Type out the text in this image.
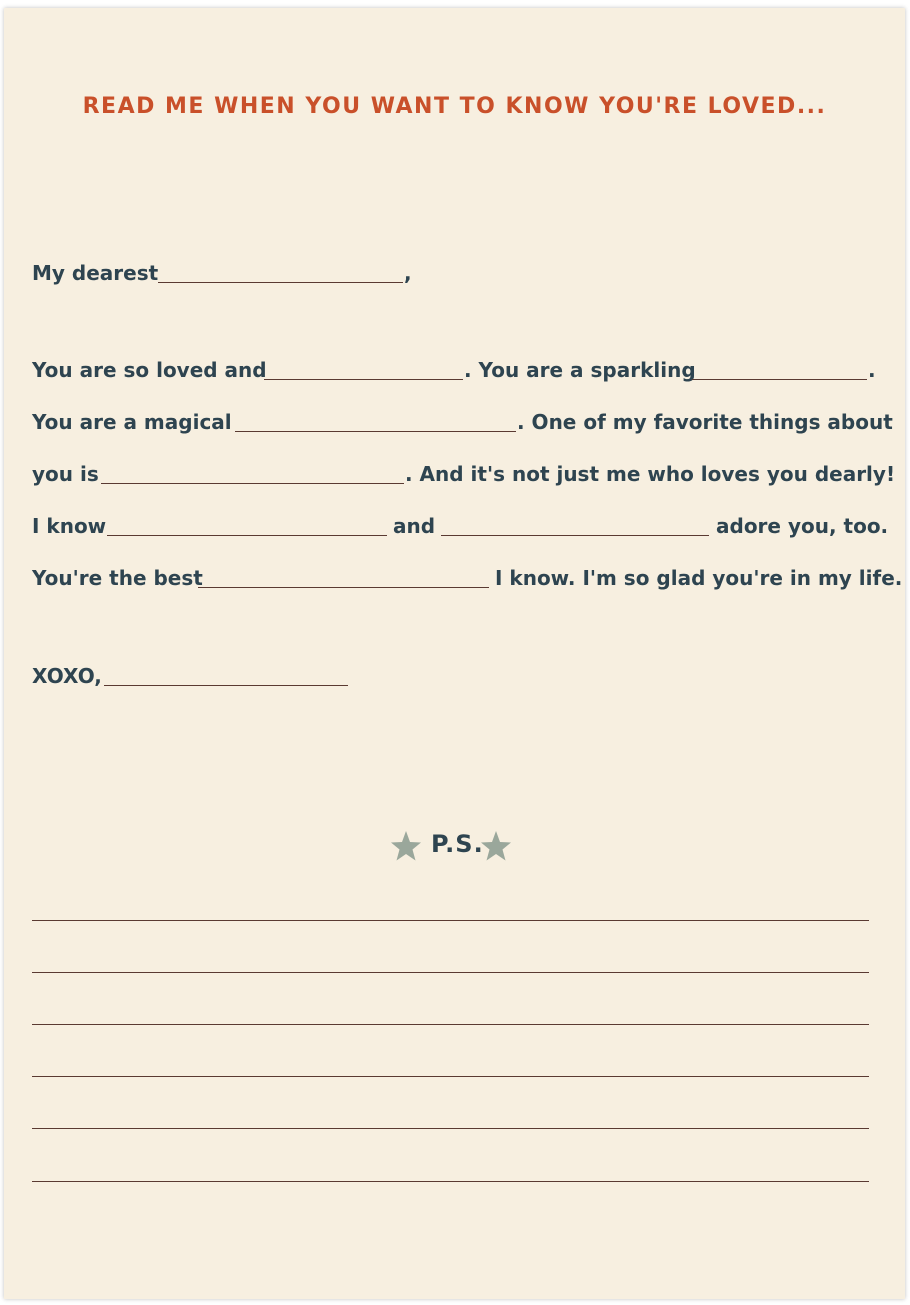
READ ME WHEN YOU WANT TO KNOW YOU'RE LOVED...
My dearest	,
You are so loved and	. You are a sparkling	.
You are a magical	. One of my favorite things about
you is	. And it's not just me who loves you dearly!
I know	and	adore you, too.
You're the best	I know. I'm so glad you're in my life.
XOXO,
P.S.
